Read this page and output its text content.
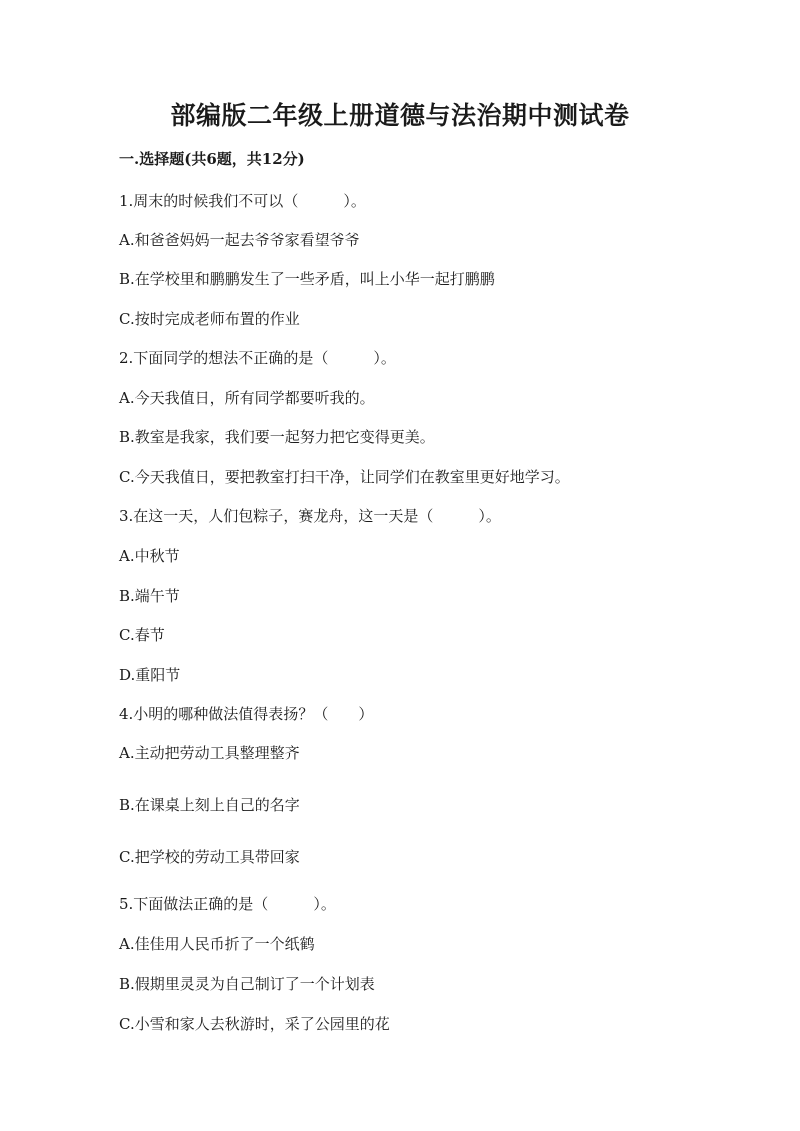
部编版二年级上册道德与法治期中测试卷
一.选择题(共6题，共12分)
1.周末的时候我们不可以（　　　）。
A.和爸爸妈妈一起去爷爷家看望爷爷
B.在学校里和鹏鹏发生了一些矛盾，叫上小华一起打鹏鹏
C.按时完成老师布置的作业
2.下面同学的想法不正确的是（　　　）。
A.今天我值日，所有同学都要听我的。
B.教室是我家，我们要一起努力把它变得更美。
C.今天我值日，要把教室打扫干净，让同学们在教室里更好地学习。
3.在这一天，人们包粽子，赛龙舟，这一天是（　　　）。
A.中秋节
B.端午节
C.春节
D.重阳节
4.小明的哪种做法值得表扬？（　　）
A.主动把劳动工具整理整齐
B.在课桌上刻上自己的名字
C.把学校的劳动工具带回家
5.下面做法正确的是（　　　）。
A.佳佳用人民币折了一个纸鹤
B.假期里灵灵为自己制订了一个计划表
C.小雪和家人去秋游时，采了公园里的花
